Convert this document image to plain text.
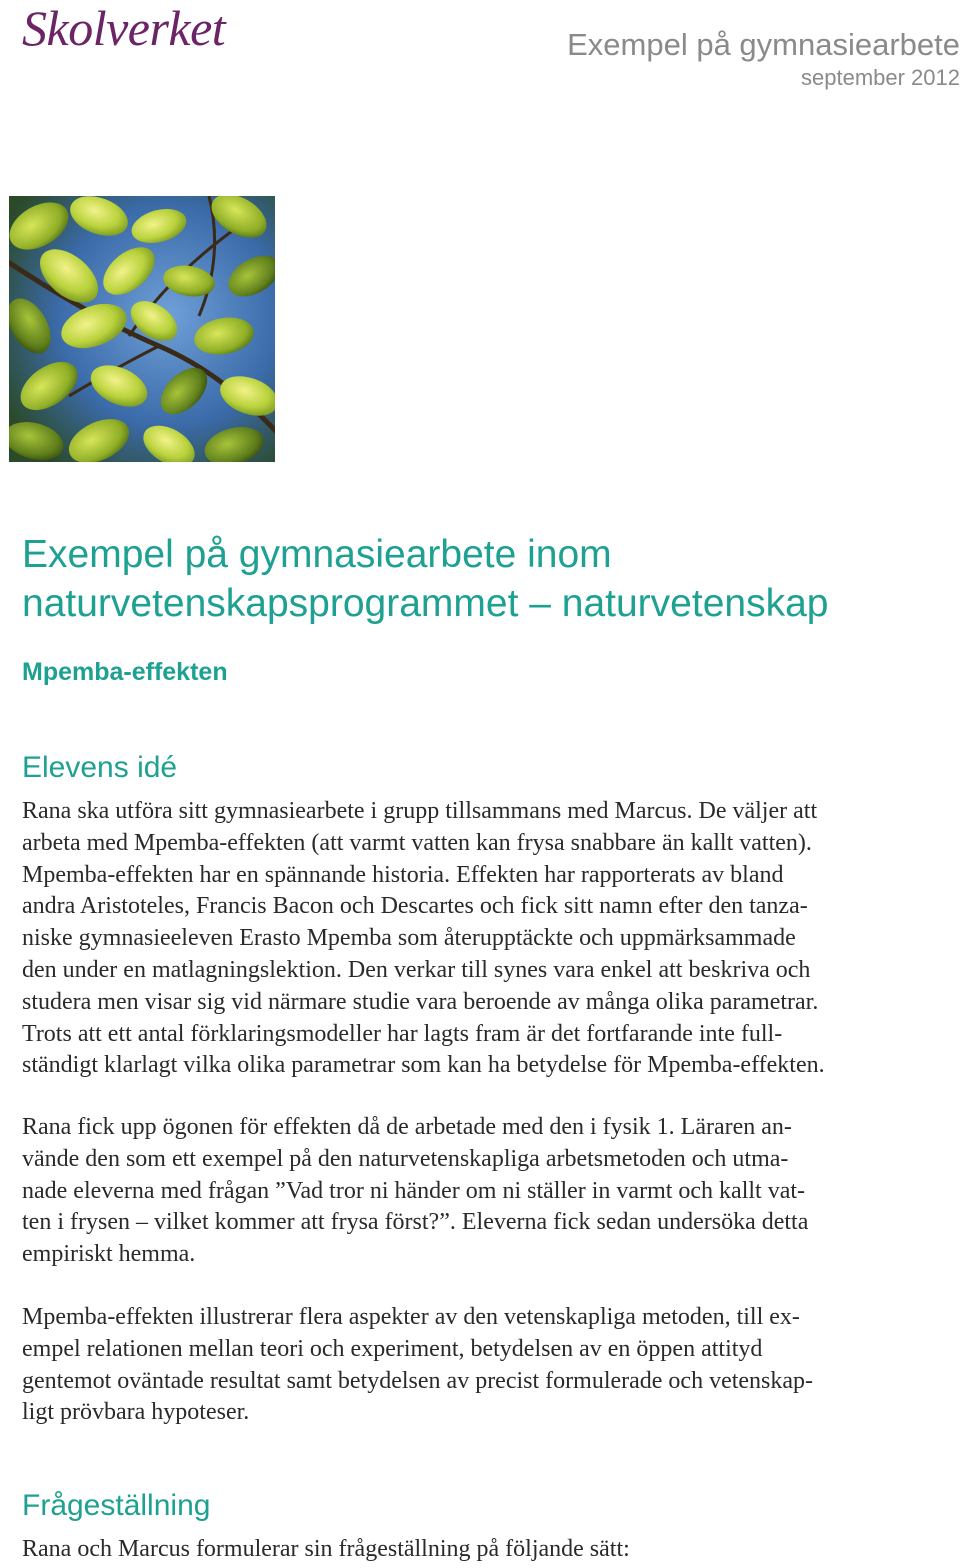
Skolverket	Exempel på gymnasiearbete
september 2012
Exempel på gymnasiearbete inom
naturvetenskapsprogrammet – naturvetenskap
Mpemba-effekten
Elevens idé

Rana ska utföra sitt gymnasiearbete i grupp tillsammans med Marcus. De väljer att
arbeta med Mpemba-effekten (att varmt vatten kan frysa snabbare än kallt vatten).
Mpemba-effekten har en spännande historia. Effekten har rapporterats av bland
andra Aristoteles, Francis Bacon och Descartes och fick sitt namn efter den tanza-
niske gymnasieeleven Erasto Mpemba som återupptäckte och uppmärksammade
den under en matlagningslektion. Den verkar till synes vara enkel att beskriva och
studera men visar sig vid närmare studie vara beroende av många olika parametrar.
Trots att ett antal förklaringsmodeller har lagts fram är det fortfarande inte full-
ständigt klarlagt vilka olika parametrar som kan ha betydelse för Mpemba-effekten.

Rana fick upp ögonen för effekten då de arbetade med den i fysik 1. Läraren an-
vände den som ett exempel på den naturvetenskapliga arbetsmetoden och utma-
nade eleverna med frågan ”Vad tror ni händer om ni ställer in varmt och kallt vat-
ten i frysen – vilket kommer att frysa först?”. Eleverna fick sedan undersöka detta
empiriskt hemma.

Mpemba-effekten illustrerar flera aspekter av den vetenskapliga metoden, till ex-
empel relationen mellan teori och experiment, betydelsen av en öppen attityd
gentemot oväntade resultat samt betydelsen av precist formulerade och vetenskap-
ligt prövbara hypoteser.

Frågeställning

Rana och Marcus formulerar sin frågeställning på följande sätt:
